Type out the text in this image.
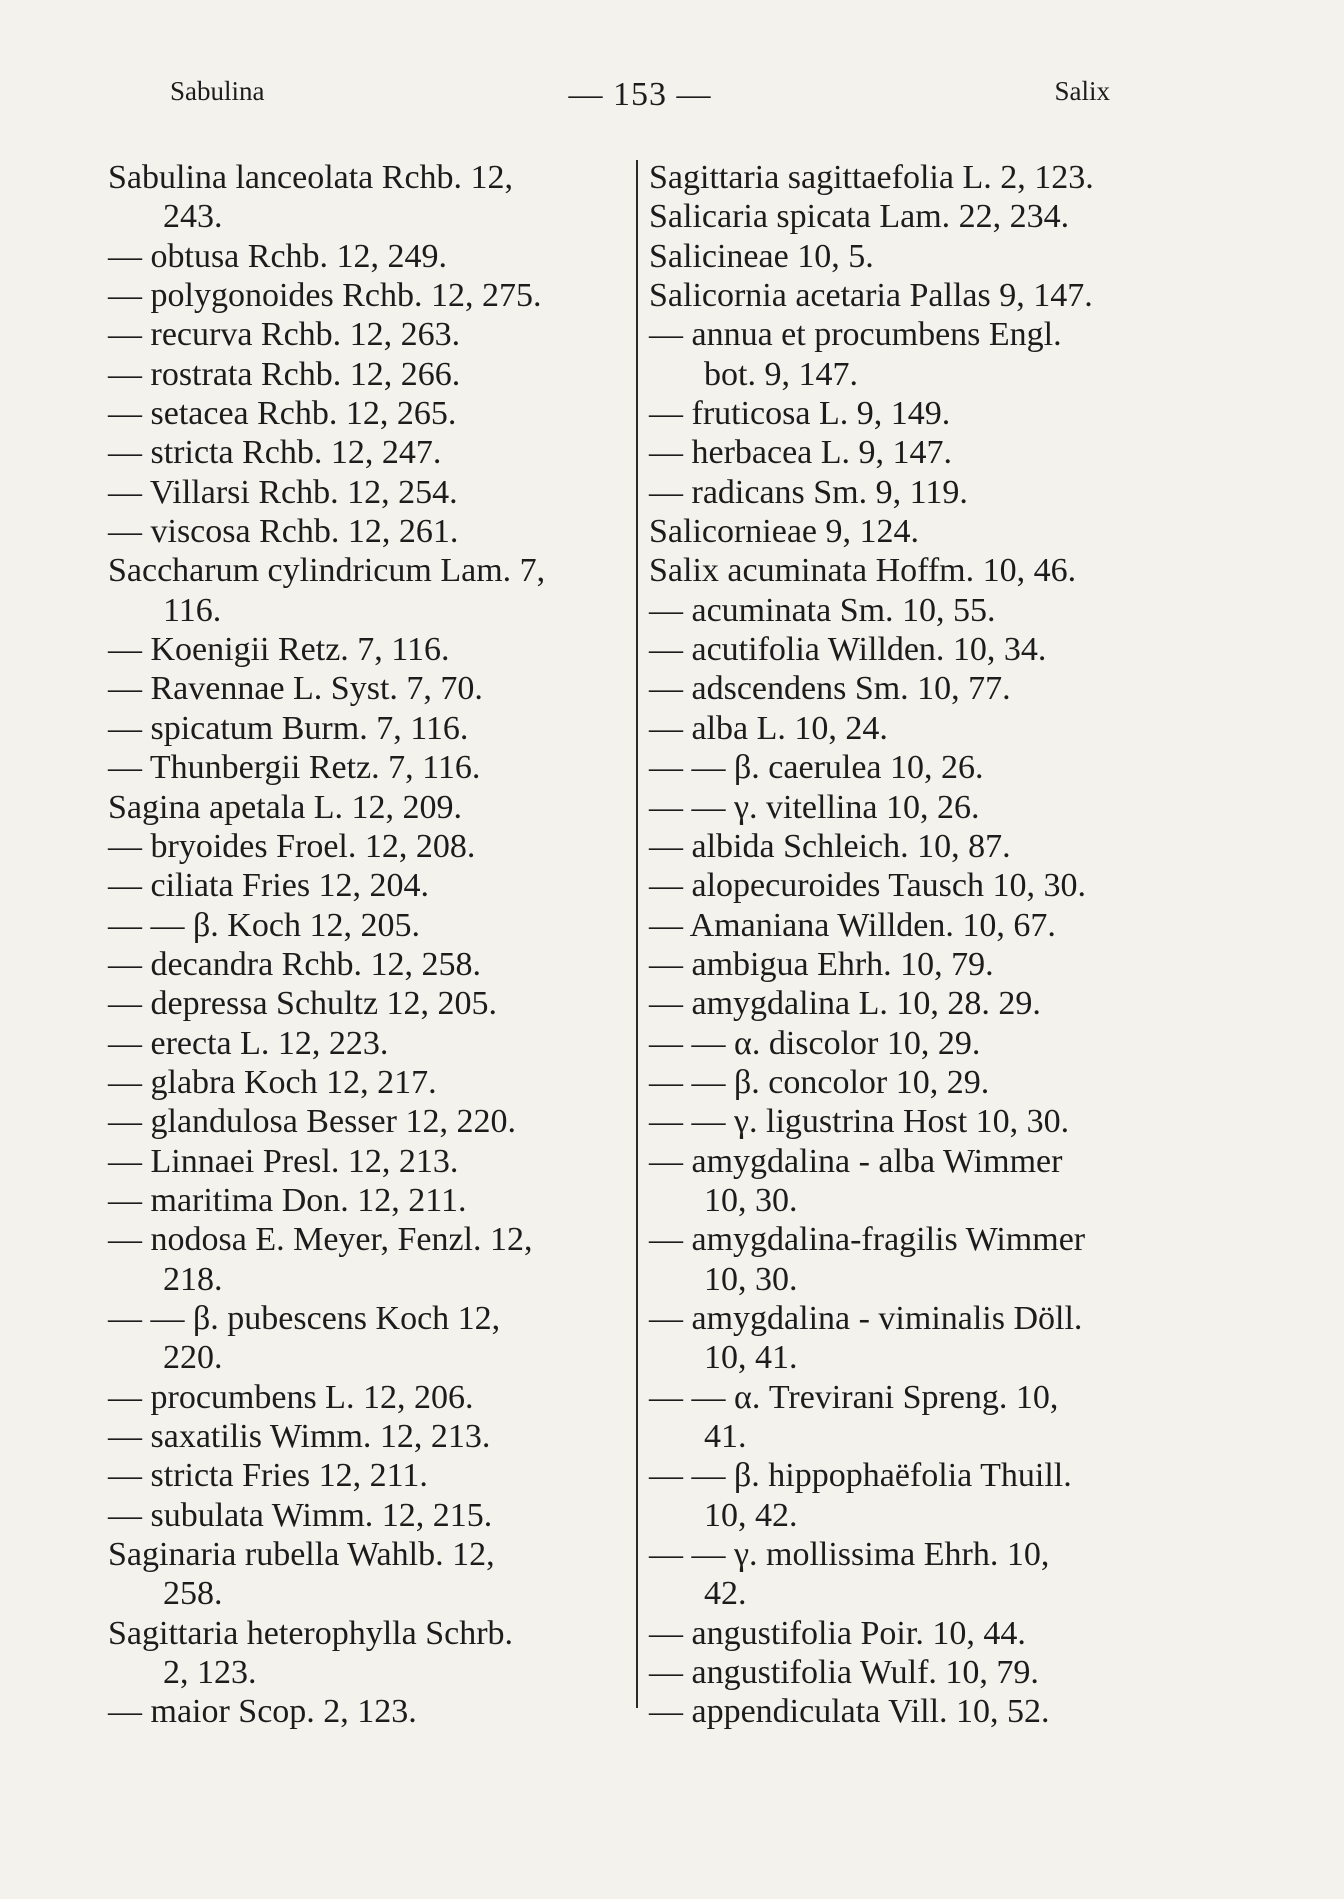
Sabulina	— 153 —	Salix
Sabulina lanceolata Rchb. 12,
243.
— obtusa Rchb. 12, 249.
— polygonoides Rchb. 12, 275.
— recurva Rchb. 12, 263.
— rostrata Rchb. 12, 266.
— setacea Rchb. 12, 265.
— stricta Rchb. 12, 247.
— Villarsi Rchb. 12, 254.
— viscosa Rchb. 12, 261.
Saccharum cylindricum Lam. 7,
116.
— Koenigii Retz. 7, 116.
— Ravennae L. Syst. 7, 70.
— spicatum Burm. 7, 116.
— Thunbergii Retz. 7, 116.
Sagina apetala L. 12, 209.
— bryoides Froel. 12, 208.
— ciliata Fries 12, 204.
— — β. Koch 12, 205.
— decandra Rchb. 12, 258.
— depressa Schultz 12, 205.
— erecta L. 12, 223.
— glabra Koch 12, 217.
— glandulosa Besser 12, 220.
— Linnaei Presl. 12, 213.
— maritima Don. 12, 211.
— nodosa E. Meyer, Fenzl. 12,
218.
— — β. pubescens Koch 12,
220.
— procumbens L. 12, 206.
— saxatilis Wimm. 12, 213.
— stricta Fries 12, 211.
— subulata Wimm. 12, 215.
Saginaria rubella Wahlb. 12,
258.
Sagittaria heterophylla Schrb.
2, 123.
— maior Scop. 2, 123.
Sagittaria sagittaefolia L. 2, 123.
Salicaria spicata Lam. 22, 234.
Salicineae 10, 5.
Salicornia acetaria Pallas 9, 147.
— annua et procumbens Engl.
bot. 9, 147.
— fruticosa L. 9, 149.
— herbacea L. 9, 147.
— radicans Sm. 9, 119.
Salicornieae 9, 124.
Salix acuminata Hoffm. 10, 46.
— acuminata Sm. 10, 55.
— acutifolia Willden. 10, 34.
— adscendens Sm. 10, 77.
— alba L. 10, 24.
— — β. caerulea 10, 26.
— — γ. vitellina 10, 26.
— albida Schleich. 10, 87.
— alopecuroides Tausch 10, 30.
— Amaniana Willden. 10, 67.
— ambigua Ehrh. 10, 79.
— amygdalina L. 10, 28. 29.
— — α. discolor 10, 29.
— — β. concolor 10, 29.
— — γ. ligustrina Host 10, 30.
— amygdalina - alba Wimmer
10, 30.
— amygdalina-fragilis Wimmer
10, 30.
— amygdalina - viminalis Döll.
10, 41.
— — α. Trevirani Spreng. 10,
41.
— — β. hippophaëfolia Thuill.
10, 42.
— — γ. mollissima Ehrh. 10,
42.
— angustifolia Poir. 10, 44.
— angustifolia Wulf. 10, 79.
— appendiculata Vill. 10, 52.
